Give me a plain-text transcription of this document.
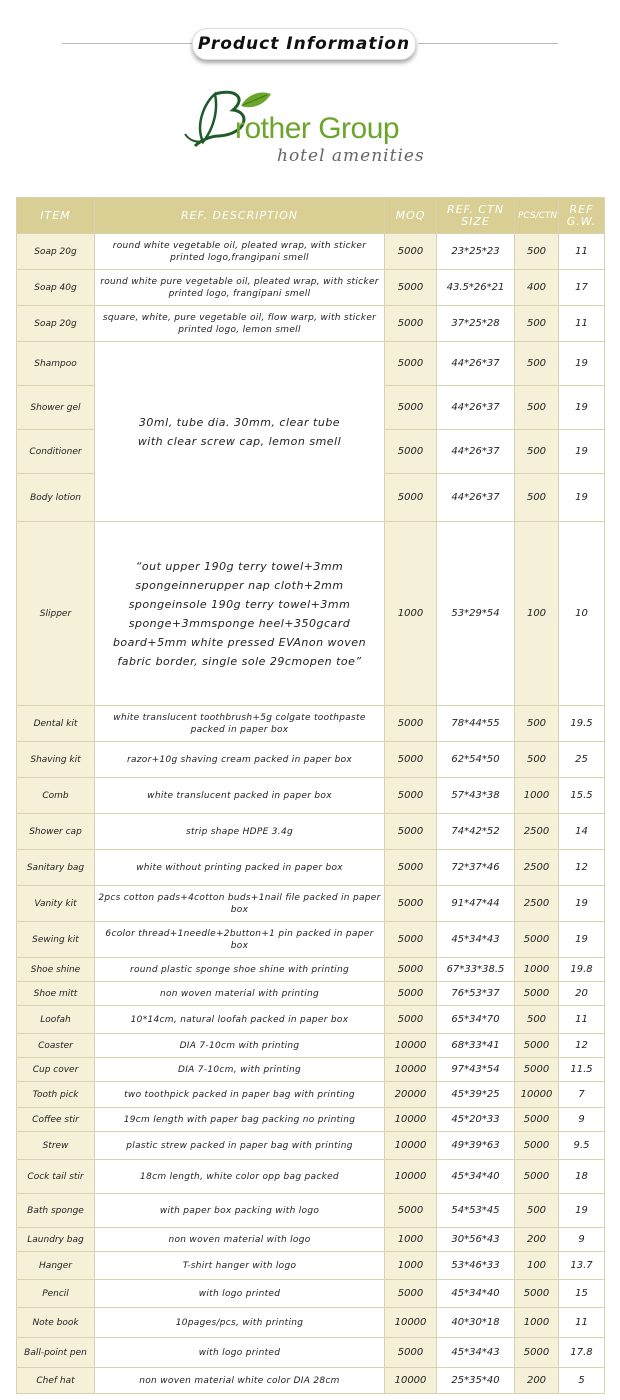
Product Information
rother Group
hotel amenities
ITEM	REF. DESCRIPTION	MOQ	REF. CTN SIZE	PCS/CTN	REF G.W.
Soap 20g	round white vegetable oil, pleated wrap, with sticker printed logo,frangipani smell	5000	23*25*23	500	11
Soap 40g	round white pure vegetable oil, pleated wrap, with sticker printed logo, frangipani smell	5000	43.5*26*21	400	17
Soap 20g	square, white, pure vegetable oil, flow warp, with sticker printed logo, lemon smell	5000	37*25*28	500	11
Shampoo	30ml, tube dia. 30mm, clear tube with clear screw cap, lemon smell	5000	44*26*37	500	19
Shower gel		5000	44*26*37	500	19
Conditioner		5000	44*26*37	500	19
Body lotion		5000	44*26*37	500	19
Slipper	“out upper 190g terry towel+3mm spongeinnerupper nap cloth+2mm spongeinsole 190g terry towel+3mm sponge+3mmsponge heel+350gcard board+5mm white pressed EVAnon woven fabric border, single sole 29cmopen toe”	1000	53*29*54	100	10
Dental kit	white translucent toothbrush+5g colgate toothpaste packed in paper box	5000	78*44*55	500	19.5
Shaving kit	razor+10g shaving cream packed in paper box	5000	62*54*50	500	25
Comb	white translucent packed in paper box	5000	57*43*38	1000	15.5
Shower cap	strip shape HDPE 3.4g	5000	74*42*52	2500	14
Sanitary bag	white without printing packed in paper box	5000	72*37*46	2500	12
Vanity kit	2pcs cotton pads+4cotton buds+1nail file packed in paper box	5000	91*47*44	2500	19
Sewing kit	6color thread+1needle+2button+1 pin packed in paper box	5000	45*34*43	5000	19
Shoe shine	round plastic sponge shoe shine with printing	5000	67*33*38.5	1000	19.8
Shoe mitt	non woven material with printing	5000	76*53*37	5000	20
Loofah	10*14cm, natural loofah packed in paper box	5000	65*34*70	500	11
Coaster	DIA 7-10cm with printing	10000	68*33*41	5000	12
Cup cover	DIA 7-10cm, with printing	10000	97*43*54	5000	11.5
Tooth pick	two toothpick packed in paper bag with printing	20000	45*39*25	10000	7
Coffee stir	19cm length with paper bag packing no printing	10000	45*20*33	5000	9
Strew	plastic strew packed in paper bag with printing	10000	49*39*63	5000	9.5
Cock tail stir	18cm length, white color opp bag packed	10000	45*34*40	5000	18
Bath sponge	with paper box packing with logo	5000	54*53*45	500	19
Laundry bag	non woven material with logo	1000	30*56*43	200	9
Hanger	T-shirt hanger with logo	1000	53*46*33	100	13.7
Pencil	with logo printed	5000	45*34*40	5000	15
Note book	10pages/pcs, with printing	10000	40*30*18	1000	11
Ball-point pen	with logo printed	5000	45*34*43	5000	17.8
Chef hat	non woven material white color DIA 28cm	10000	25*35*40	200	5
